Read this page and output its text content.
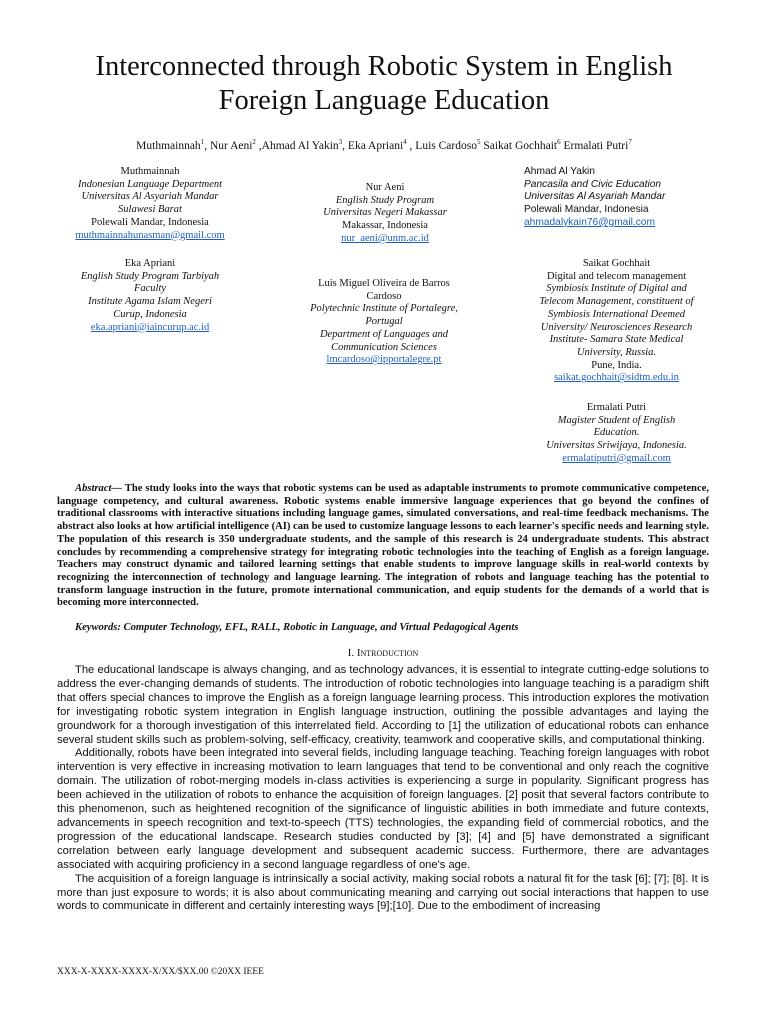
Interconnected through Robotic System in English
Foreign Language Education
Muthmainnah$^1$, Nur Aeni$^2$ ,Ahmad Al Yakin$^3$, Eka Apriani$^4$ , Luis Cardoso$^5$ Saikat Gochhait$^6$ Ermalati Putri$^7$
Muthmainnah
Indonesian Language Department
Universitas Al Asyariah Mandar
Sulawesi Barat
Polewali Mandar, Indonesia
muthmainnahunasman@gmail.com
Nur Aeni
English Study Program
Universitas Negeri Makassar
Makassar, Indonesia
nur_aeni@unm.ac.id
Ahmad Al Yakin
Pancasila and Civic Education
Universitas Al Asyariah Mandar
Polewali Mandar, Indonesia
ahmadalykain76@gmail.com
Eka Apriani
English Study Program Tarbiyah
Faculty
Institute Agama Islam Negeri
Curup, Indonesia
eka.apriani@iaincurup.ac.id
Luis Miguel Oliveira de Barros
Cardoso
Polytechnic Institute of Portalegre,
Portugal
Department of Languages and
Communication Sciences
lmcardoso@ipportalegre.pt
Saikat Gochhait
Digital and telecom management
Symbiosis Institute of Digital and
Telecom Management, constituent of
Symbiosis International Deemed
University/ Neurosciences Research
Institute- Samara State Medical
University, Russia.
Pune, India.
saikat.gochhait@sidtm.edu.in
Ermalati Putri
Magister Student of English
Education.
Universitas Sriwijaya, Indonesia.
ermalatiputri@gmail.com

Abstract— The study looks into the ways that robotic systems can be used as adaptable instruments to promote communicative competence, language competency, and cultural awareness. Robotic systems enable immersive language experiences that go beyond the confines of traditional classrooms with interactive situations including language games, simulated conversations, and real-time feedback mechanisms. The abstract also looks at how artificial intelligence (AI) can be used to customize language lessons to each learner's specific needs and learning style. The population of this research is 350 undergraduate students, and the sample of this research is 24 undergraduate students. This abstract concludes by recommending a comprehensive strategy for integrating robotic technologies into the teaching of English as a foreign language. Teachers may construct dynamic and tailored learning settings that enable students to improve language skills in real-world contexts by recognizing the interconnection of technology and language learning. The integration of robots and language teaching has the potential to transform language instruction in the future, promote international communication, and equip students for the demands of a world that is becoming more interconnected.

Keywords: Computer Technology, EFL, RALL, Robotic in Language, and Virtual Pedagogical Agents

I. Introduction

The educational landscape is always changing, and as technology advances, it is essential to integrate cutting-edge solutions to address the ever-changing demands of students. The introduction of robotic technologies into language teaching is a paradigm shift that offers special chances to improve the English as a foreign language learning process. This introduction explores the motivation for investigating robotic system integration in English language instruction, outlining the possible advantages and laying the groundwork for a thorough investigation of this interrelated field. According to [1] the utilization of educational robots can enhance several student skills such as problem-solving, self-efficacy, creativity, teamwork and cooperative skills, and computational thinking.

Additionally, robots have been integrated into several fields, including language teaching. Teaching foreign languages with robot intervention is very effective in increasing motivation to learn languages that tend to be conventional and only reach the cognitive domain. The utilization of robot-merging models in-class activities is experiencing a surge in popularity. Significant progress has been achieved in the utilization of robots to enhance the acquisition of foreign languages. [2] posit that several factors contribute to this phenomenon, such as heightened recognition of the significance of linguistic abilities in both immediate and future contexts, advancements in speech recognition and text-to-speech (TTS) technologies, the expanding field of commercial robotics, and the progression of the educational landscape. Research studies conducted by [3]; [4] and [5] have demonstrated a significant correlation between early language development and subsequent academic success. Furthermore, there are advantages associated with acquiring proficiency in a second language regardless of one's age.

The acquisition of a foreign language is intrinsically a social activity, making social robots a natural fit for the task [6]; [7]; [8]. It is more than just exposure to words; it is also about communicating meaning and carrying out social interactions that happen to use words to communicate in different and certainly interesting ways [9];[10]. Due to the embodiment of increasing

XXX-X-XXXX-XXXX-X/XX/$XX.00 ©20XX IEEE
